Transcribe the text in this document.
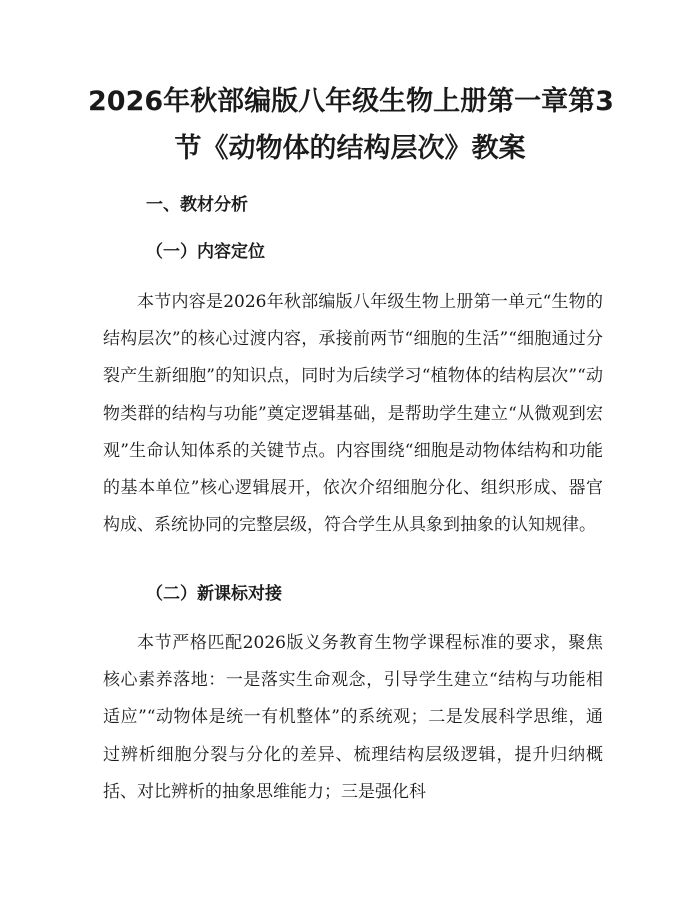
2026年秋部编版八年级生物上册第一章第3
节《动物体的结构层次》教案
一、教材分析
（一）内容定位

本节内容是2026年秋部编版八年级生物上册第一单元“生物的结构层次”的核心过渡内容，承接前两节“细胞的生活”“细胞通过分裂产生新细胞”的知识点，同时为后续学习“植物体的结构层次”“动物类群的结构与功能”奠定逻辑基础，是帮助学生建立“从微观到宏观”生命认知体系的关键节点。内容围绕“细胞是动物体结构和功能的基本单位”核心逻辑展开，依次介绍细胞分化、组织形成、器官构成、系统协同的完整层级，符合学生从具象到抽象的认知规律。

（二）新课标对接

本节严格匹配2026版义务教育生物学课程标准的要求，聚焦核心素养落地：一是落实生命观念，引导学生建立“结构与功能相适应”“动物体是统一有机整体”的系统观；二是发展科学思维，通过辨析细胞分裂与分化的差异、梳理结构层级逻辑，提升归纳概括、对比辨析的抽象思维能力；三是强化科
